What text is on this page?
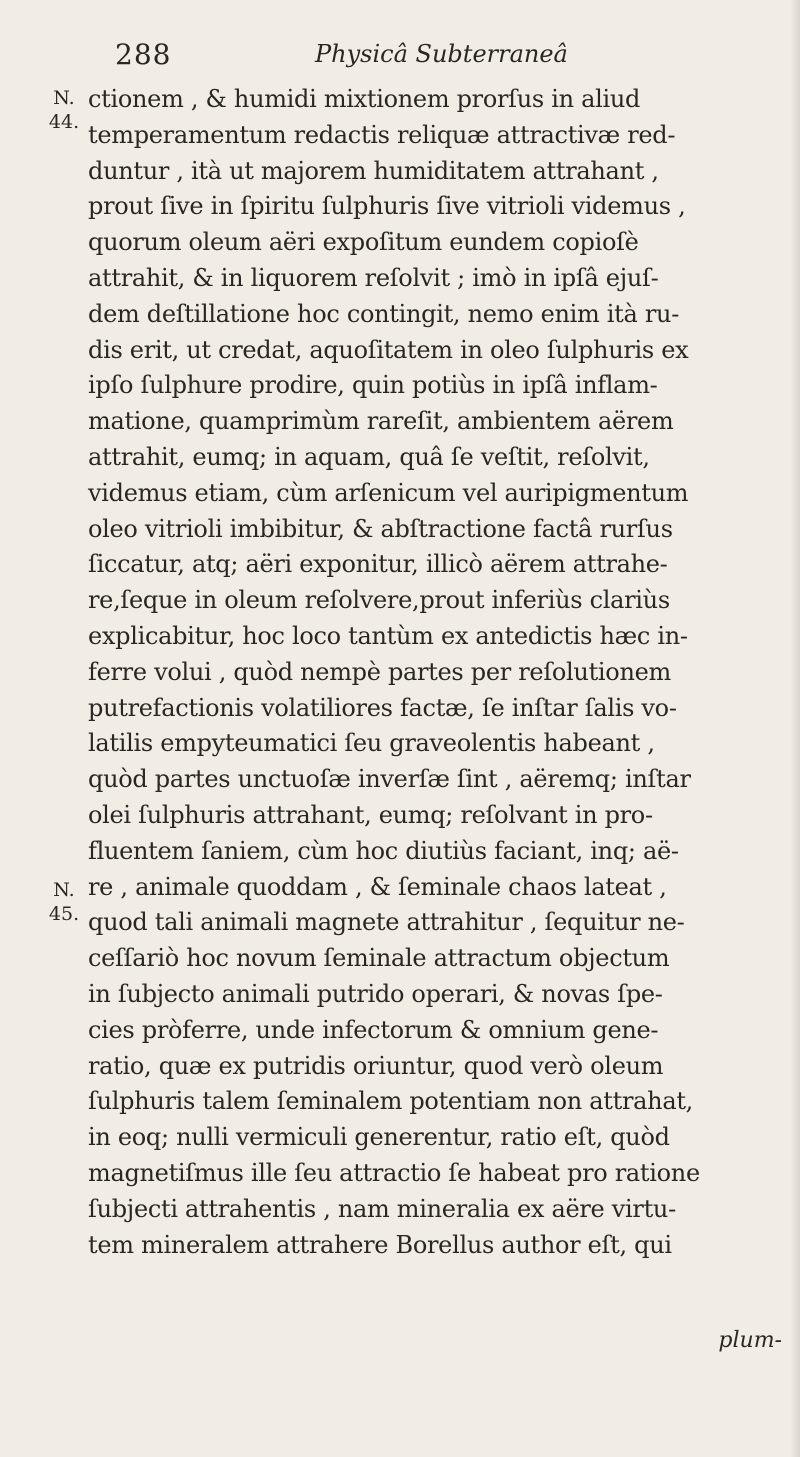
288	Physicâ Subterraneâ
N.
44.
N.
45.
ctionem , & humidi mixtionem prorſus in aliud
temperamentum redactis reliquæ attractivæ red-
duntur , ità ut majorem humiditatem attrahant ,
prout ſive in ſpiritu ſulphuris ſive vitrioli videmus ,
quorum oleum aëri expoſitum eundem copioſè
attrahit, & in liquorem reſolvit ; imò in ipſâ ejuſ-
dem deſtillatione hoc contingit, nemo enim ità ru-
dis erit, ut credat, aquoſitatem in oleo ſulphuris ex
ipſo ſulphure prodire, quin potiùs in ipſâ inflam-
matione, quamprimùm rareſit, ambientem aërem
attrahit, eumq; in aquam, quâ ſe veſtit, reſolvit,
videmus etiam, cùm arſenicum vel auripigmentum
oleo vitrioli imbibitur, & abſtractione factâ rurſus
ſiccatur, atq; aëri exponitur, illicò aërem attrahe-
re,ſeque in oleum reſolvere,prout inferiùs clariùs
explicabitur, hoc loco tantùm ex antedictis hæc in-
ferre volui , quòd nempè partes per reſolutionem
putrefactionis volatiliores factæ, ſe inſtar ſalis vo-
latilis empyteumatici ſeu graveolentis habeant ,
quòd partes unctuoſæ inverſæ ſint , aëremq; inſtar
olei ſulphuris attrahant, eumq; reſolvant in pro-
fluentem ſaniem, cùm hoc diutiùs faciant, inq; aë-
re , animale quoddam , & ſeminale chaos lateat ,
quod tali animali magnete attrahitur , ſequitur ne-
ceſſariò hoc novum ſeminale attractum objectum
in ſubjecto animali putrido operari, & novas ſpe-
cies pròferre, unde infectorum & omnium gene-
ratio, quæ ex putridis oriuntur, quod verò oleum
ſulphuris talem ſeminalem potentiam non attrahat,
in eoq; nulli vermiculi generentur, ratio eſt, quòd
magnetiſmus ille ſeu attractio ſe habeat pro ratione
ſubjecti attrahentis , nam mineralia ex aëre virtu-
tem mineralem attrahere Borellus author eſt, qui
plum-
